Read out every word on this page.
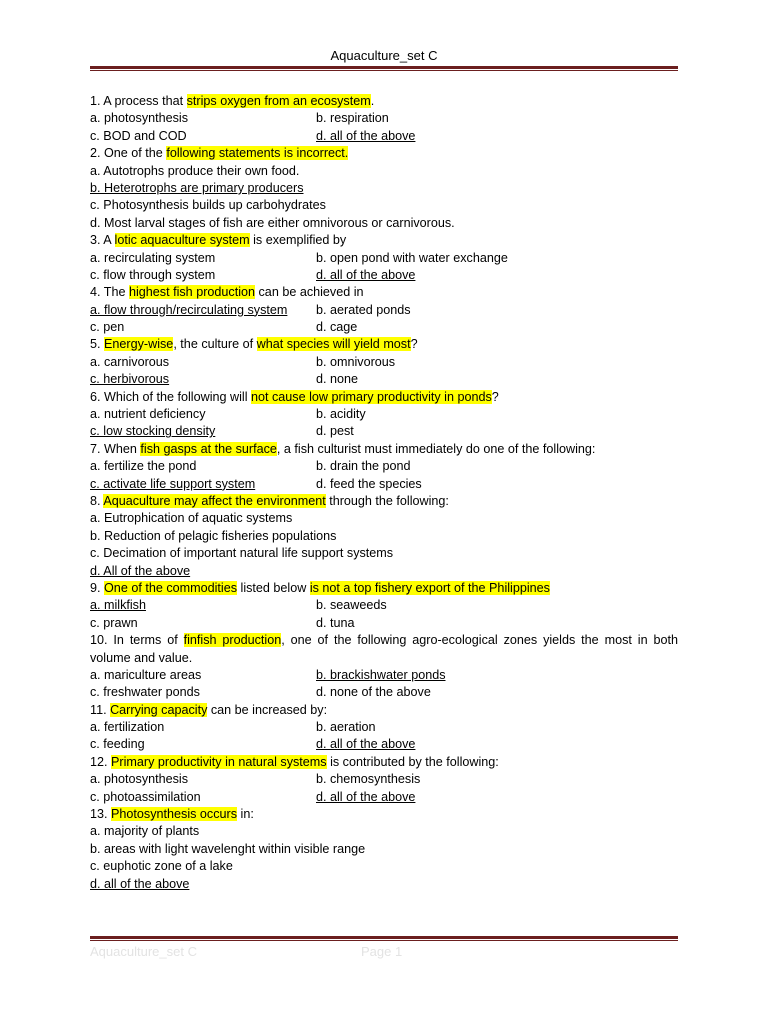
Aquaculture_set C
1. A process that strips oxygen from an ecosystem.
a. photosynthesis	b. respiration
c. BOD and COD	d. all of the above
2. One of the following statements is incorrect.
a. Autotrophs produce their own food.
b. Heterotrophs are primary producers
c. Photosynthesis builds up carbohydrates
d. Most larval stages of fish are either omnivorous or carnivorous.
3. A lotic aquaculture system is exemplified by
a. recirculating system	b. open pond with water exchange
c. flow through system	d. all of the above
4. The highest fish production can be achieved in
a. flow through/recirculating system b. aerated ponds
c. pen	d. cage
5. Energy-wise, the culture of what species will yield most?
a. carnivorous	b. omnivorous
c. herbivorous	d. none
6. Which of the following will not cause low primary productivity in ponds?
a. nutrient deficiency	b. acidity
c. low stocking density	d. pest
7. When fish gasps at the surface, a fish culturist must immediately do one of the following:
a. fertilize the pond	b. drain the pond
c. activate life support system	d. feed the species
8. Aquaculture may affect the environment through the following:
a. Eutrophication of aquatic systems
b. Reduction of pelagic fisheries populations
c. Decimation of important natural life support systems
d. All of the above
9. One of the commodities listed below is not a top fishery export of the Philippines
a. milkfish	b. seaweeds
c. prawn	d. tuna
10. In terms of finfish production, one of the following agro-ecological zones yields the most in both volume and value.
a. mariculture areas	b. brackishwater ponds
c. freshwater ponds	d. none of the above
11. Carrying capacity can be increased by:
a. fertilization	b. aeration
c. feeding	d. all of the above
12. Primary productivity in natural systems is contributed by the following:
a. photosynthesis	b. chemosynthesis
c. photoassimilation	d. all of the above
13. Photosynthesis occurs in:
a. majority of plants
b. areas with light wavelenght within visible range
c. euphotic zone of a lake
d. all of the above
Aquaculture_set C	Page 1
